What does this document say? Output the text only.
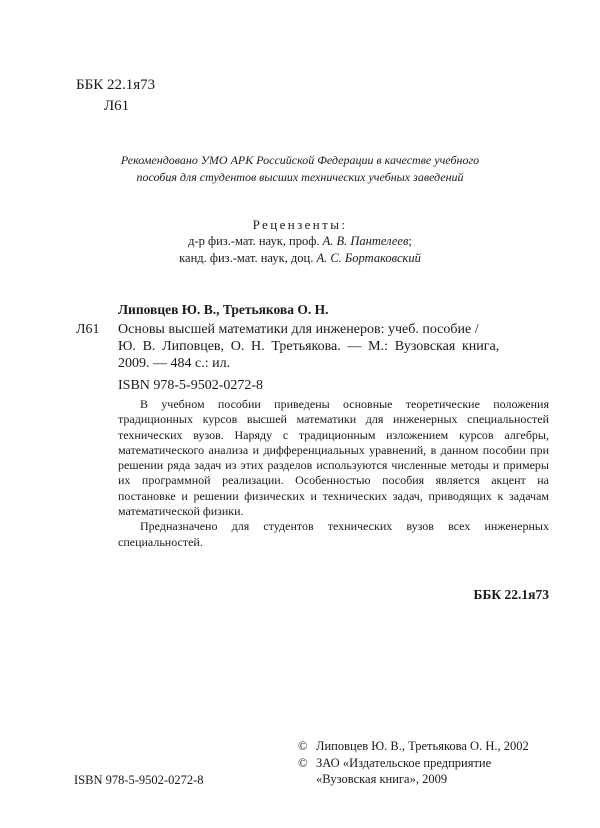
ББК 22.1я73
Л61
Рекомендовано УМО АРК Российской Федерации в качестве учебного
пособия для студентов высших технических учебных заведений
Рецензенты:
д-р физ.-мат. наук, проф. А. В. Пантелеев;
канд. физ.-мат. наук, доц. А. С. Бортаковский
Липовцев Ю. В., Третьякова О. Н.
Л61 Основы высшей математики для инженеров: учеб. пособие /
Ю. В. Липовцев, О. Н. Третьякова. — М.: Вузовская книга,
2009. — 484 с.: ил.
ISBN 978-5-9502-0272-8

В учебном пособии приведены основные теоретические положения традиционных курсов высшей математики для инженерных специальностей технических вузов. Наряду с традиционным изложением курсов алгебры, математического анализа и дифференциальных уравнений, в данном пособии при решении ряда задач из этих разделов используются численные методы и примеры их программной реализации. Особенностью пособия является акцент на постановке и решении физических и технических задач, приводящих к задачам математической физики.

Предназначено для студентов технических вузов всех инженерных специальностей.

ББК 22.1я73
© Липовцев Ю. В., Третьякова О. Н., 2002
© ЗАО «Издательское предприятие
«Вузовская книга», 2009
ISBN 978-5-9502-0272-8
